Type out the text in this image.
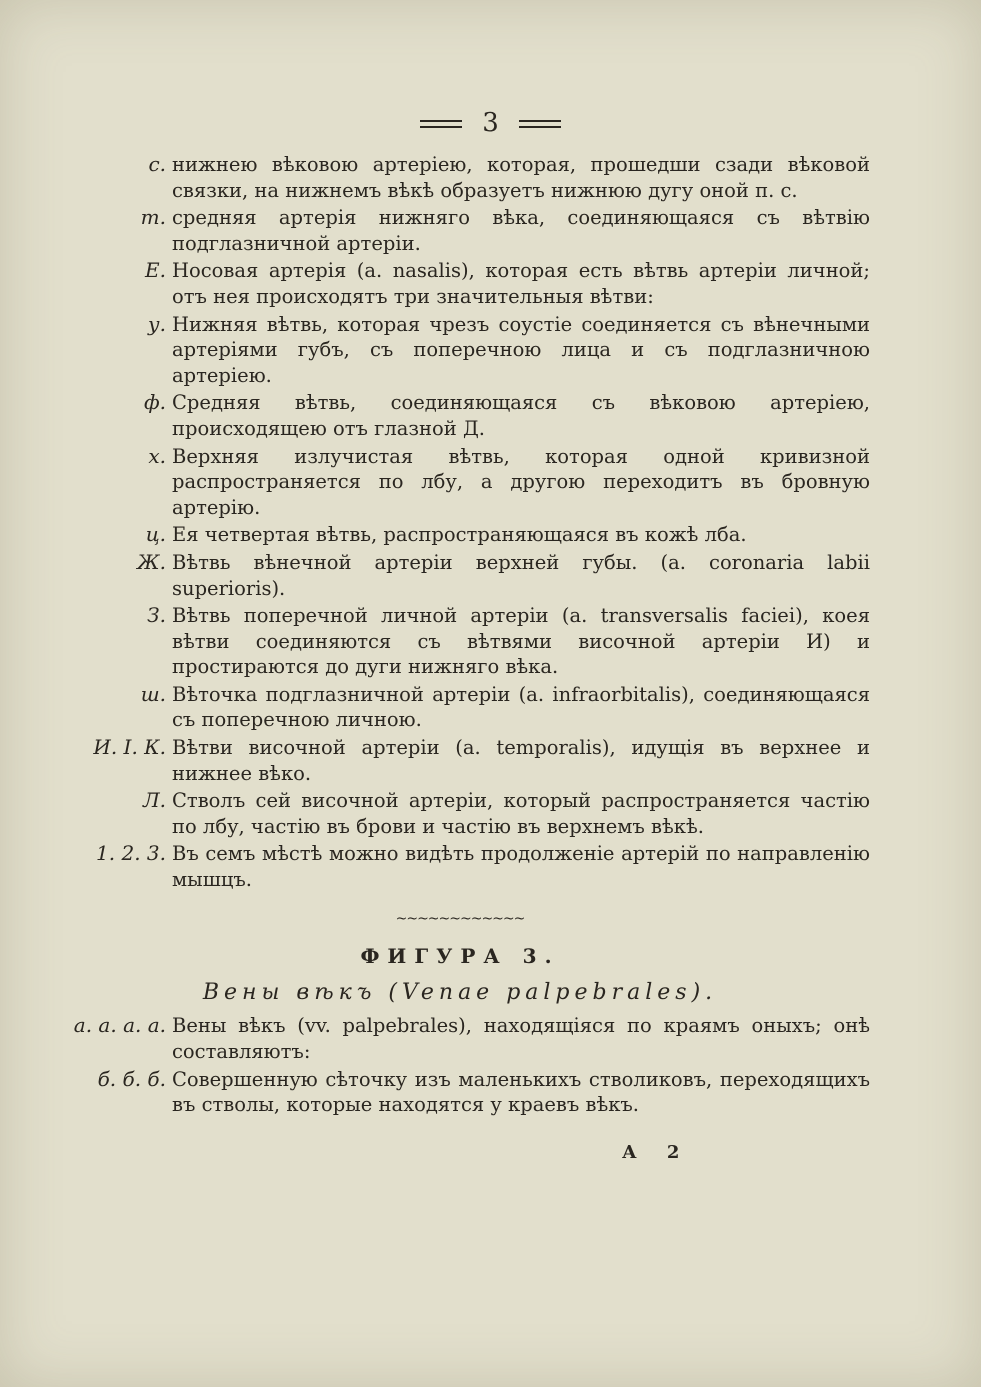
3
с. нижнею вѣковою артеріею, которая, прошедши сзади вѣковой связки, на нижнемъ вѣкѣ образуетъ нижнюю дугу оной п. с.
т. средняя артерія нижняго вѣка, соединяющаяся съ вѣтвію подглазничной артеріи.
Е. Носовая артерія (a. nasalis), которая есть вѣтвь артеріи личной; отъ нея происходятъ три значительныя вѣтви:
у. Нижняя вѣтвь, которая чрезъ соустіе соединяется съ вѣнечными артеріями губъ, съ поперечною лица и съ подглазничною артеріею.
ф. Средняя вѣтвь, соединяющаяся съ вѣковою артеріею, происходящею отъ глазной Д.
х. Верхняя излучистая вѣтвь, которая одной кривизной распространяется по лбу, а другою переходитъ въ бровную артерію.
ц. Ея четвертая вѣтвь, распространяющаяся въ кожѣ лба.
Ж. Вѣтвь вѣнечной артеріи верхней губы. (a. coronaria labii superioris).
З. Вѣтвь поперечной личной артеріи (a. transversalis faciei), коея вѣтви соединяются съ вѣтвями височной артеріи И) и простираются до дуги нижняго вѣка.
ш. Вѣточка подглазничной артеріи (a. infraorbitalis), соединяющаяся съ поперечною личною.
И. І. К. Вѣтви височной артеріи (a. temporalis), идущія въ верхнее и нижнее вѣко.
Л. Стволъ сей височной артеріи, который распространяется частію по лбу, частію въ брови и частію въ верхнемъ вѣкѣ.
1. 2. 3. Въ семъ мѣстѣ можно видѣть продолженіе артерій по направленію мышцъ.
~~~~~~~~~~~~
ФИГУРА 3.
Вены вѣкъ (Venae palpebrales).
а. а. а. а. Вены вѣкъ (vv. palpebrales), находящіяся по краямъ оныхъ; онѣ составляютъ:
б. б. б. Совершенную сѣточку изъ маленькихъ стволиковъ, переходящихъ въ стволы, которые находятся у краевъ вѣкъ.
А 2
